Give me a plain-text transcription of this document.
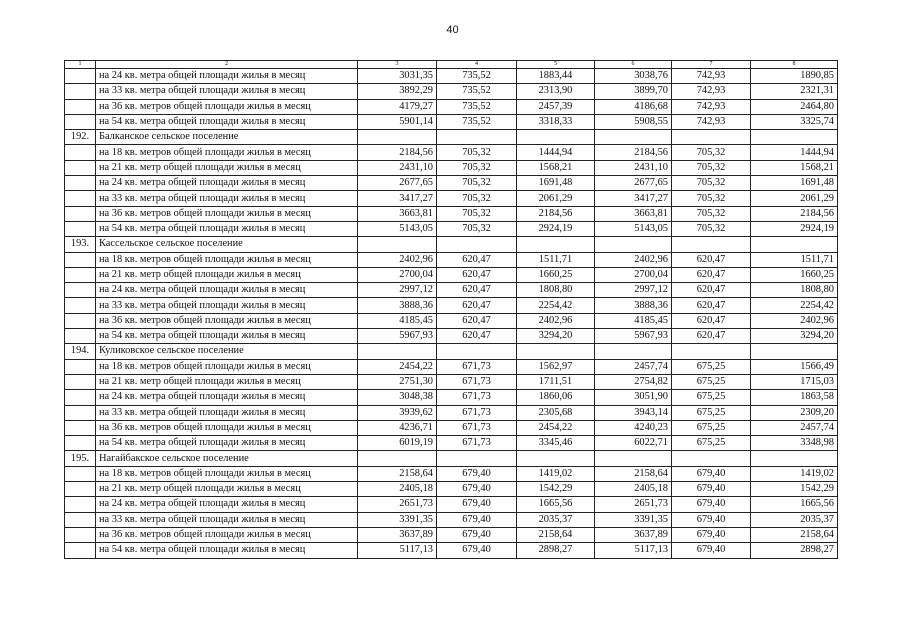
40
1	2	3	4	5	6	7	8
	на 24 кв. метра общей площади жилья в месяц	3031,35	735,52	1883,44	3038,76	742,93	1890,85
	на 33 кв. метра общей площади жилья в месяц	3892,29	735,52	2313,90	3899,70	742,93	2321,31
	на 36 кв. метров общей площади жилья в месяц	4179,27	735,52	2457,39	4186,68	742,93	2464,80
	на 54 кв. метра общей площади жилья в месяц	5901,14	735,52	3318,33	5908,55	742,93	3325,74
192.	Балканское сельское поселение						
	на 18 кв. метров общей площади жилья в месяц	2184,56	705,32	1444,94	2184,56	705,32	1444,94
	на 21 кв. метр общей площади жилья в месяц	2431,10	705,32	1568,21	2431,10	705,32	1568,21
	на 24 кв. метра общей площади жилья в месяц	2677,65	705,32	1691,48	2677,65	705,32	1691,48
	на 33 кв. метра общей площади жилья в месяц	3417,27	705,32	2061,29	3417,27	705,32	2061,29
	на 36 кв. метров общей площади жилья в месяц	3663,81	705,32	2184,56	3663,81	705,32	2184,56
	на 54 кв. метра общей площади жилья в месяц	5143,05	705,32	2924,19	5143,05	705,32	2924,19
193.	Кассельское сельское поселение						
	на 18 кв. метров общей площади жилья в месяц	2402,96	620,47	1511,71	2402,96	620,47	1511,71
	на 21 кв. метр общей площади жилья в месяц	2700,04	620,47	1660,25	2700,04	620,47	1660,25
	на 24 кв. метра общей площади жилья в месяц	2997,12	620,47	1808,80	2997,12	620,47	1808,80
	на 33 кв. метра общей площади жилья в месяц	3888,36	620,47	2254,42	3888,36	620,47	2254,42
	на 36 кв. метров общей площади жилья в месяц	4185,45	620,47	2402,96	4185,45	620,47	2402,96
	на 54 кв. метра общей площади жилья в месяц	5967,93	620,47	3294,20	5967,93	620,47	3294,20
194.	Куликовское сельское поселение						
	на 18 кв. метров общей площади жилья в месяц	2454,22	671,73	1562,97	2457,74	675,25	1566,49
	на 21 кв. метр общей площади жилья в месяц	2751,30	671,73	1711,51	2754,82	675,25	1715,03
	на 24 кв. метра общей площади жилья в месяц	3048,38	671,73	1860,06	3051,90	675,25	1863,58
	на 33 кв. метра общей площади жилья в месяц	3939,62	671,73	2305,68	3943,14	675,25	2309,20
	на 36 кв. метров общей площади жилья в месяц	4236,71	671,73	2454,22	4240,23	675,25	2457,74
	на 54 кв. метра общей площади жилья в месяц	6019,19	671,73	3345,46	6022,71	675,25	3348,98
195.	Нагайбакское сельское поселение						
	на 18 кв. метров общей площади жилья в месяц	2158,64	679,40	1419,02	2158,64	679,40	1419,02
	на 21 кв. метр общей площади жилья в месяц	2405,18	679,40	1542,29	2405,18	679,40	1542,29
	на 24 кв. метра общей площади жилья в месяц	2651,73	679,40	1665,56	2651,73	679,40	1665,56
	на 33 кв. метра общей площади жилья в месяц	3391,35	679,40	2035,37	3391,35	679,40	2035,37
	на 36 кв. метров общей площади жилья в месяц	3637,89	679,40	2158,64	3637,89	679,40	2158,64
	на 54 кв. метра общей площади жилья в месяц	5117,13	679,40	2898,27	5117,13	679,40	2898,27
